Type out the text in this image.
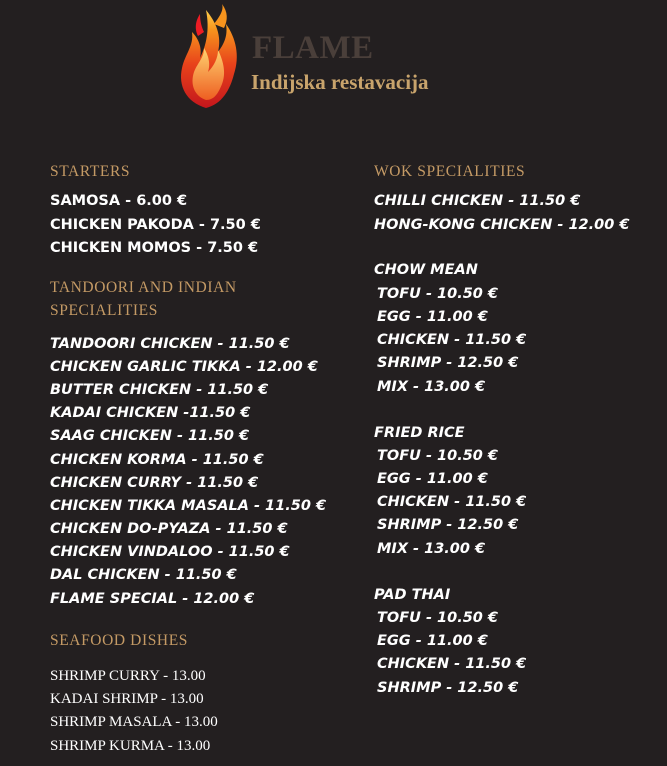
FLAME
Indijska restavacija
STARTERS
SAMOSA - 6.00 €
CHICKEN PAKODA - 7.50 €
CHICKEN MOMOS - 7.50 €
TANDOORI AND INDIAN
SPECIALITIES
TANDOORI CHICKEN - 11.50 €
CHICKEN GARLIC TIKKA - 12.00 €
BUTTER CHICKEN - 11.50 €
KADAI CHICKEN -11.50 €
SAAG CHICKEN - 11.50 €
CHICKEN KORMA - 11.50 €
CHICKEN CURRY - 11.50 €
CHICKEN TIKKA MASALA - 11.50 €
CHICKEN DO-PYAZA - 11.50 €
CHICKEN VINDALOO - 11.50 €
DAL CHICKEN - 11.50 €
FLAME SPECIAL - 12.00 €
SEAFOOD DISHES
SHRIMP CURRY - 13.00
KADAI SHRIMP - 13.00
SHRIMP MASALA - 13.00
SHRIMP KURMA - 13.00
WOK SPECIALITIES
CHILLI CHICKEN - 11.50 €
HONG-KONG CHICKEN - 12.00 €
CHOW MEAN
TOFU - 10.50 €
EGG - 11.00 €
CHICKEN - 11.50 €
SHRIMP - 12.50 €
MIX - 13.00 €
FRIED RICE
TOFU - 10.50 €
EGG - 11.00 €
CHICKEN - 11.50 €
SHRIMP - 12.50 €
MIX - 13.00 €
PAD THAI
TOFU - 10.50 €
EGG - 11.00 €
CHICKEN - 11.50 €
SHRIMP - 12.50 €
